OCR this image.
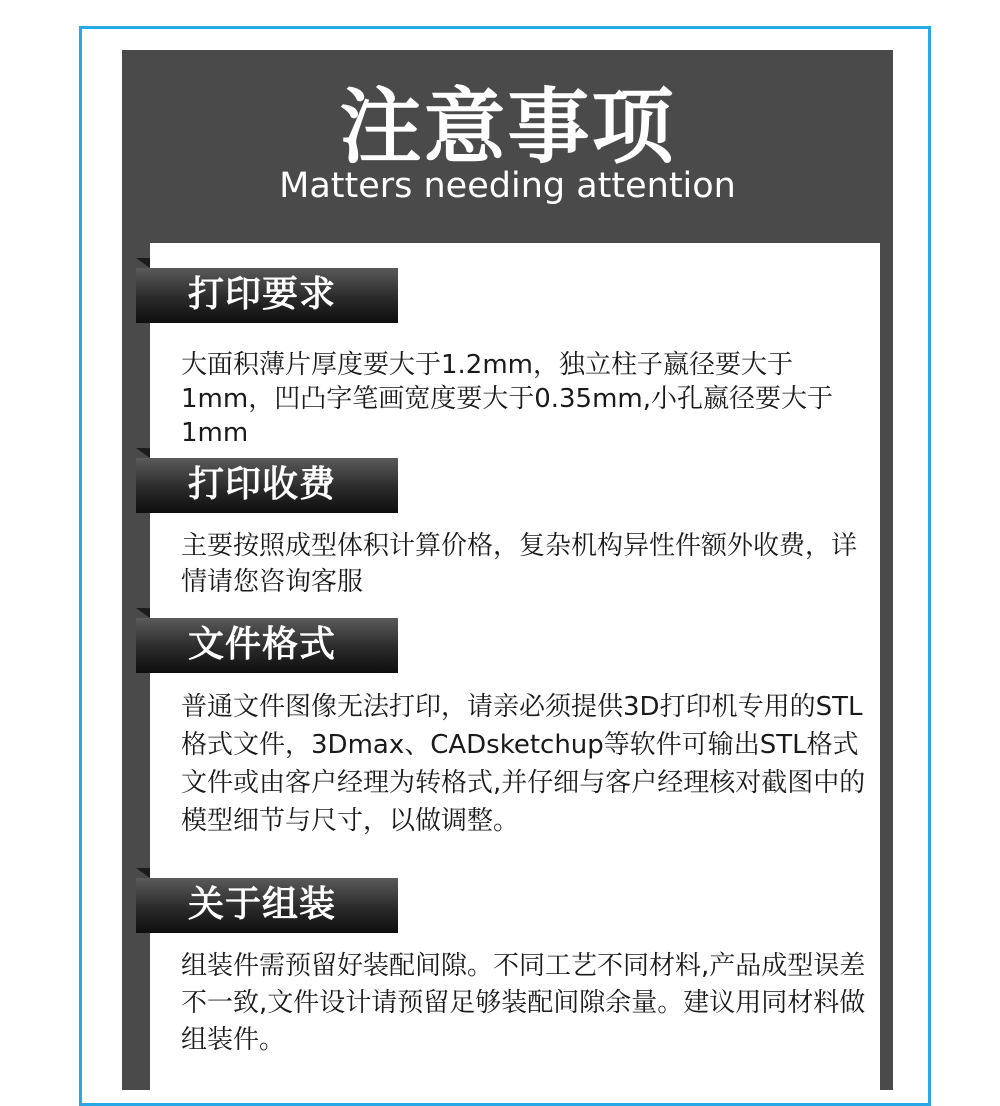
注意事项
Matters needing attention
打印要求
大面积薄片厚度要大于1.2mm，独立柱子嬴径要大于1mm，凹凸字笔画宽度要大于0.35mm,小孔嬴径要大于1mm
打印收费
主要按照成型体积计算价格，复杂机构异性件额外收费，详情请您咨询客服
文件格式
普通文件图像无法打印，请亲必须提供3D打印机专用的STL格式文件，3Dmax、CADsketchup等软件可输出STL格式文件或由客户经理为转格式,并仔细与客户经理核对截图中的模型细节与尺寸，以做调整。
关于组装
组装件需预留好装配间隙。不同工艺不同材料,产品成型误差不一致,文件设计请预留足够装配间隙余量。建议用同材料做组装件。
